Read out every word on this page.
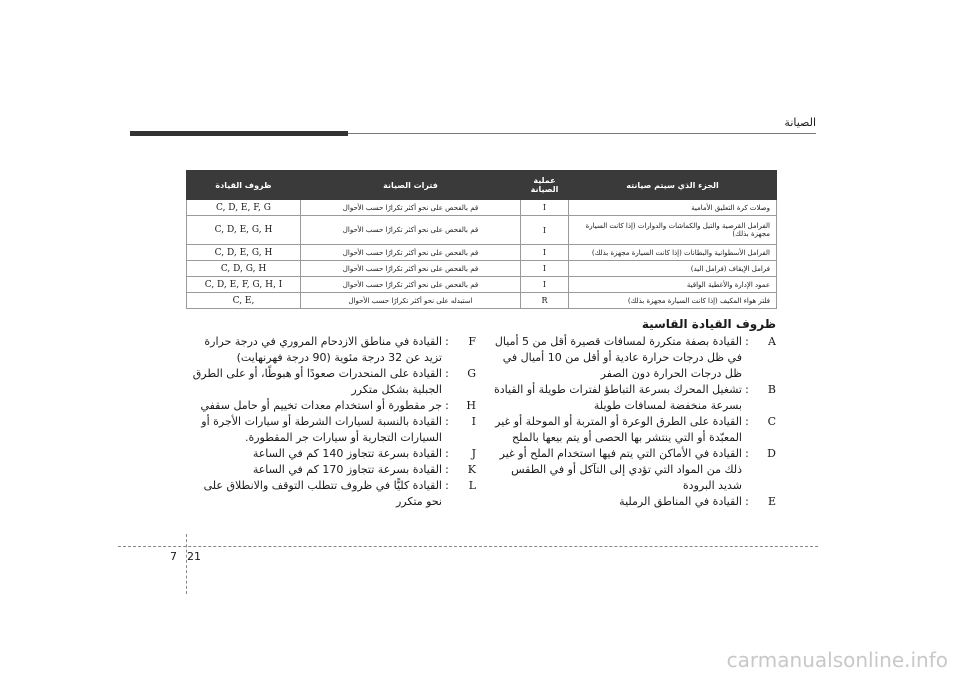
الصيانة
الجزء الذي سيتم صيانته	عملية الصيانة	فترات الصيانة	ظروف القيادة
وصلات كرة التعليق الأمامية	I	قم بالفحص على نحو أكثر تكرارًا حسب الأحوال	C, D, E, F, G
الفرامل القرصية والتيل والكماشات والدوارات (إذا كانت السيارة مجهزة بذلك)	I	قم بالفحص على نحو أكثر تكرارًا حسب الأحوال	C, D, E, G, H
الفرامل الأسطوانية والبطانات (إذا كانت السيارة مجهزة بذلك)	I	قم بالفحص على نحو أكثر تكرارًا حسب الأحوال	C, D, E, G, H
فرامل الإيقاف (فرامل اليد)	I	قم بالفحص على نحو أكثر تكرارًا حسب الأحوال	C, D, G, H
عمود الإدارة والأغطية الواقية	I	قم بالفحص على نحو أكثر تكرارًا حسب الأحوال	C, D, E, F, G, H, I
فلتر هواء المكيف (إذا كانت السيارة مجهزة بذلك)	R	استبدله على نحو أكثر تكرارًا حسب الأحوال	C, E,
ظروف القيادة القاسية
A
:
القيادة بصفة متكررة لمسافات قصيرة أقل من 5 أميال في ظل درجات حرارة عادية أو أقل من 10 أميال في ظل درجات الحرارة دون الصفر
B
:
تشغيل المحرك بسرعة التباطؤ لفترات طويلة أو القيادة بسرعة منخفضة لمسافات طويلة
C
:
القيادة على الطرق الوعرة أو المتربة أو الموحلة أو غير المعبّدة أو التي ينتشر بها الحصى أو يتم بيعها بالملح
D
:
القيادة في الأماكن التي يتم فيها استخدام الملح أو غير ذلك من المواد التي تؤدي إلى التآكل أو في الطقس شديد البرودة
E
:
القيادة في المناطق الرملية
F
:
القيادة في مناطق الازدحام المروري في درجة حرارة تزيد عن 32 درجة مئوية (90 درجة فهرنهايت)
G
:
القيادة على المنحدرات صعودًا أو هبوطًا، أو على الطرق الجبلية بشكل متكرر
H
:
جر مقطورة أو استخدام معدات تخييم أو حامل سقفي
I
:
القيادة بالنسبة لسيارات الشرطة أو سيارات الأجرة أو السيارات التجارية أو سيارات جر المقطورة.
J
:
القيادة بسرعة تتجاوز 140 كم في الساعة
K
:
القيادة بسرعة تتجاوز 170 كم في الساعة
L
:
القيادة كليًّا في ظروف تتطلب التوقف والانطلاق على نحو متكرر
7 21
carmanualsonline.info
